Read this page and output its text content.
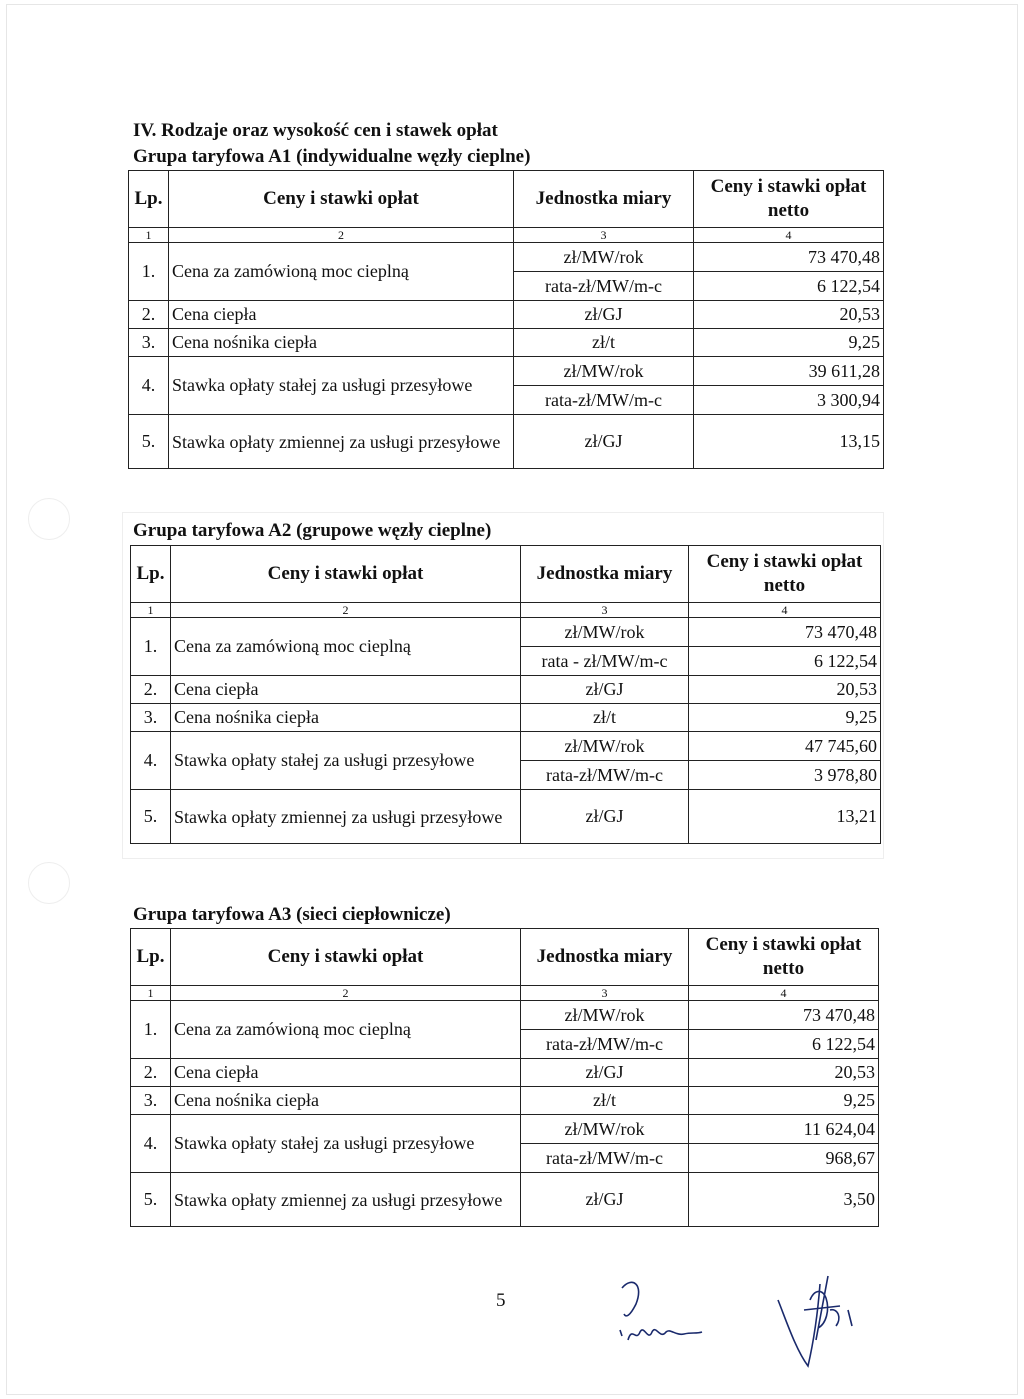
IV. Rodzaje oraz wysokość cen i stawek opłat
Grupa taryfowa A1 (indywidualne węzły cieplne)
Lp.	Ceny i stawki opłat	Jednostka miary	Ceny i stawki opłat
netto

1	2	3	4
1.	Cena za zamówioną moc cieplną	zł/MW/rok	73 470,48
		rata-zł/MW/m-c	6 122,54
2.	Cena ciepła	zł/GJ	20,53
3.	Cena nośnika ciepła	zł/t	9,25
4.	Stawka opłaty stałej za usługi przesyłowe	zł/MW/rok	39 611,28
		rata-zł/MW/m-c	3 300,94
5.	Stawka opłaty zmiennej za usługi przesyłowe	zł/GJ	13,15
Grupa taryfowa A2 (grupowe węzły cieplne)
Lp.	Ceny i stawki opłat	Jednostka miary	Ceny i stawki opłat
netto

1	2	3	4
1.	Cena za zamówioną moc cieplną	zł/MW/rok	73 470,48
		rata - zł/MW/m-c	6 122,54
2.	Cena ciepła	zł/GJ	20,53
3.	Cena nośnika ciepła	zł/t	9,25
4.	Stawka opłaty stałej za usługi przesyłowe	zł/MW/rok	47 745,60
		rata-zł/MW/m-c	3 978,80
5.	Stawka opłaty zmiennej za usługi przesyłowe	zł/GJ	13,21
Grupa taryfowa A3 (sieci ciepłownicze)
Lp.	Ceny i stawki opłat	Jednostka miary	Ceny i stawki opłat
netto

1	2	3	4
1.	Cena za zamówioną moc cieplną	zł/MW/rok	73 470,48
		rata-zł/MW/m-c	6 122,54
2.	Cena ciepła	zł/GJ	20,53
3.	Cena nośnika ciepła	zł/t	9,25
4.	Stawka opłaty stałej za usługi przesyłowe	zł/MW/rok	11 624,04
		rata-zł/MW/m-c	968,67
5.	Stawka opłaty zmiennej za usługi przesyłowe	zł/GJ	3,50
5
